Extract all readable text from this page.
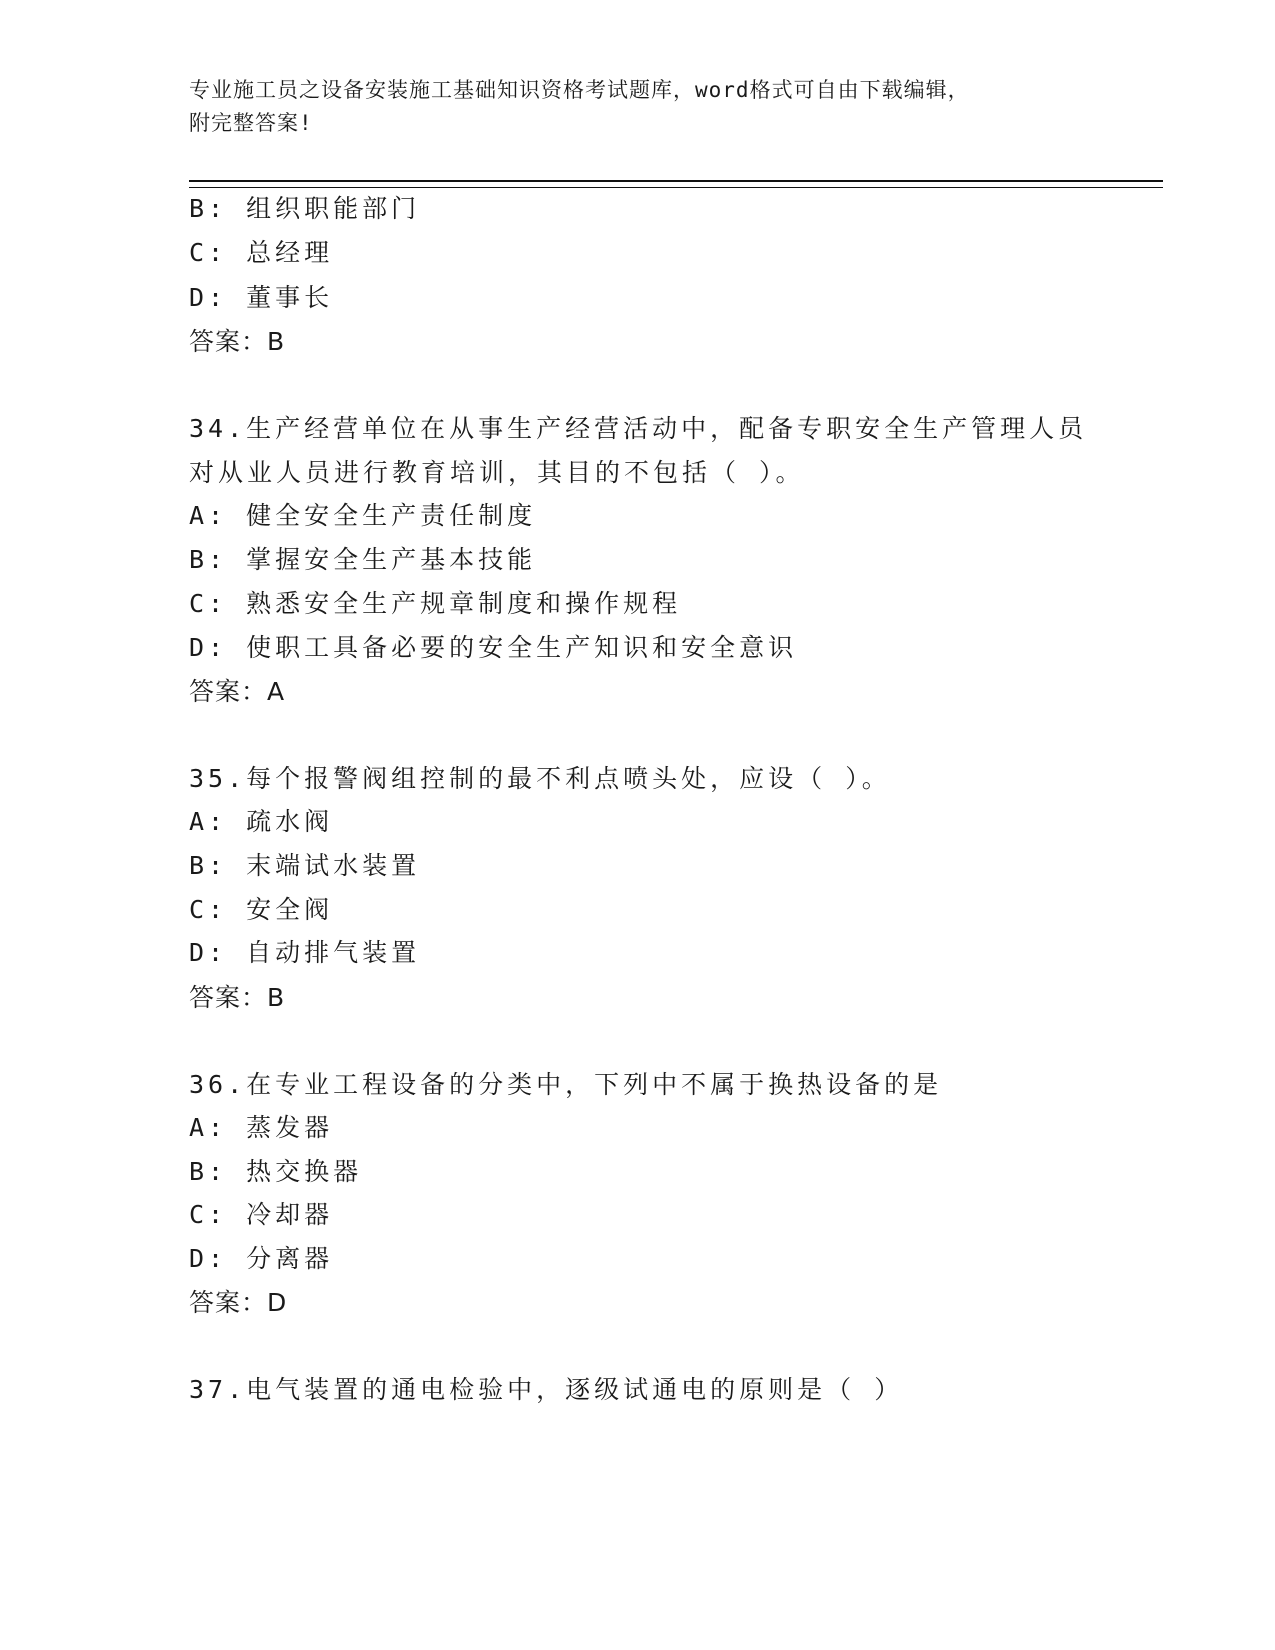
专业施工员之设备安装施工基础知识资格考试题库，word格式可自由下载编辑，
附完整答案!
B: 组织职能部门
C: 总经理
D: 董事长
答案：B
34.生产经营单位在从事生产经营活动中，配备专职安全生产管理人员
对从业人员进行教育培训，其目的不包括（ ）。
A: 健全安全生产责任制度
B: 掌握安全生产基本技能
C: 熟悉安全生产规章制度和操作规程
D: 使职工具备必要的安全生产知识和安全意识
答案：A
35.每个报警阀组控制的最不利点喷头处，应设（ ）。
A: 疏水阀
B: 末端试水装置
C: 安全阀
D: 自动排气装置
答案：B
36.在专业工程设备的分类中，下列中不属于换热设备的是
A: 蒸发器
B: 热交换器
C: 冷却器
D: 分离器
答案：D
37.电气装置的通电检验中，逐级试通电的原则是（ ）
